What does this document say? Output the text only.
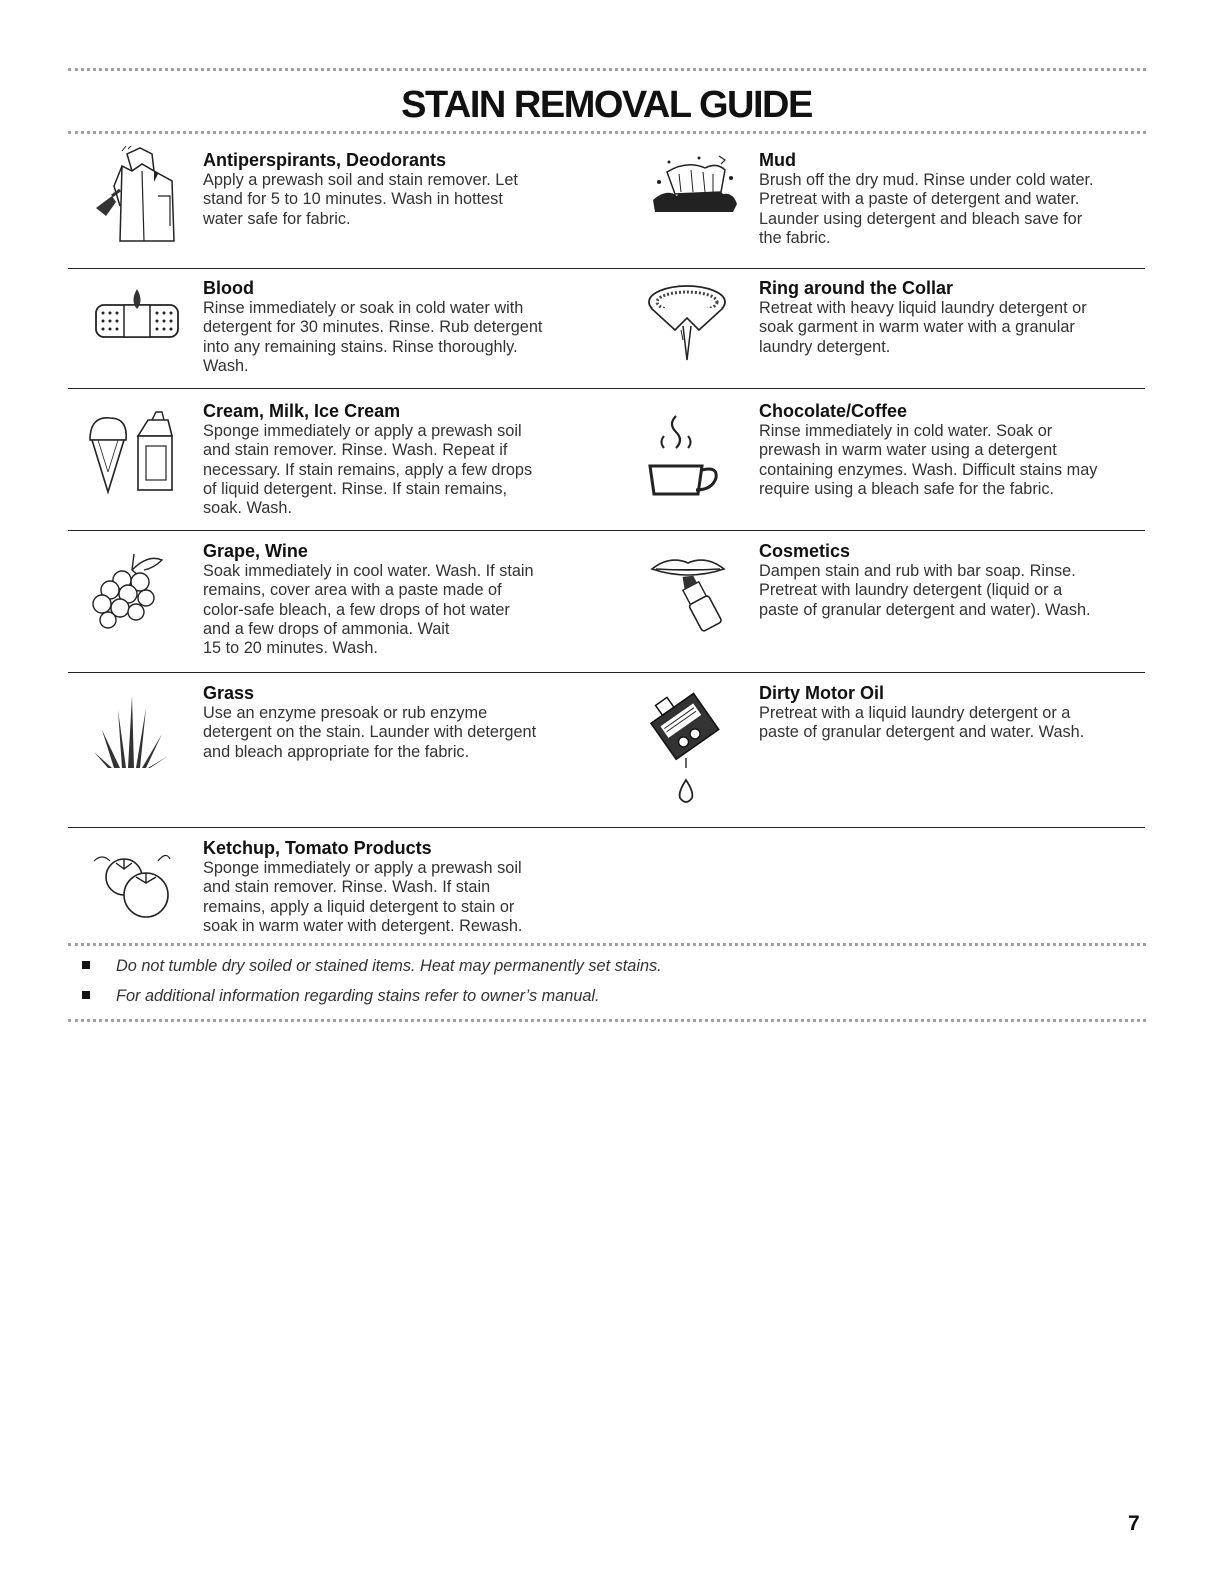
STAIN REMOVAL GUIDE
Antiperspirants, Deodorants

Apply a prewash soil and stain remover. Let

stand for 5 to 10 minutes. Wash in hottest

water safe for fabric.

Mud

Brush off the dry mud. Rinse under cold water.

Pretreat with a paste of detergent and water.

Launder using detergent and bleach save for

the fabric.

Blood

Rinse immediately or soak in cold water with

detergent for 30 minutes. Rinse. Rub detergent

into any remaining stains. Rinse thoroughly.

Wash.

Ring around the Collar

Retreat with heavy liquid laundry detergent or

soak garment in warm water with a granular

laundry detergent.

Cream, Milk, Ice Cream

Sponge immediately or apply a prewash soil

and stain remover. Rinse. Wash. Repeat if

necessary. If stain remains, apply a few drops

of liquid detergent. Rinse. If stain remains,

soak. Wash.

Chocolate/Coffee

Rinse immediately in cold water. Soak or

prewash in warm water using a detergent

containing enzymes. Wash. Difficult stains may

require using a bleach safe for the fabric.

Grape, Wine

Soak immediately in cool water. Wash. If stain

remains, cover area with a paste made of

color-safe bleach, a few drops of hot water

and a few drops of ammonia. Wait

15 to 20 minutes. Wash.

Cosmetics

Dampen stain and rub with bar soap. Rinse.

Pretreat with laundry detergent (liquid or a

paste of granular detergent and water). Wash.

Grass

Use an enzyme presoak or rub enzyme

detergent on the stain. Launder with detergent

and bleach appropriate for the fabric.

Dirty Motor Oil

Pretreat with a liquid laundry detergent or a

paste of granular detergent and water. Wash.

Ketchup, Tomato Products

Sponge immediately or apply a prewash soil

and stain remover. Rinse. Wash. If stain

remains, apply a liquid detergent to stain or

soak in warm water with detergent. Rewash.

Do not tumble dry soiled or stained items. Heat may permanently set stains.
For additional information regarding stains refer to owner’s manual.
7
